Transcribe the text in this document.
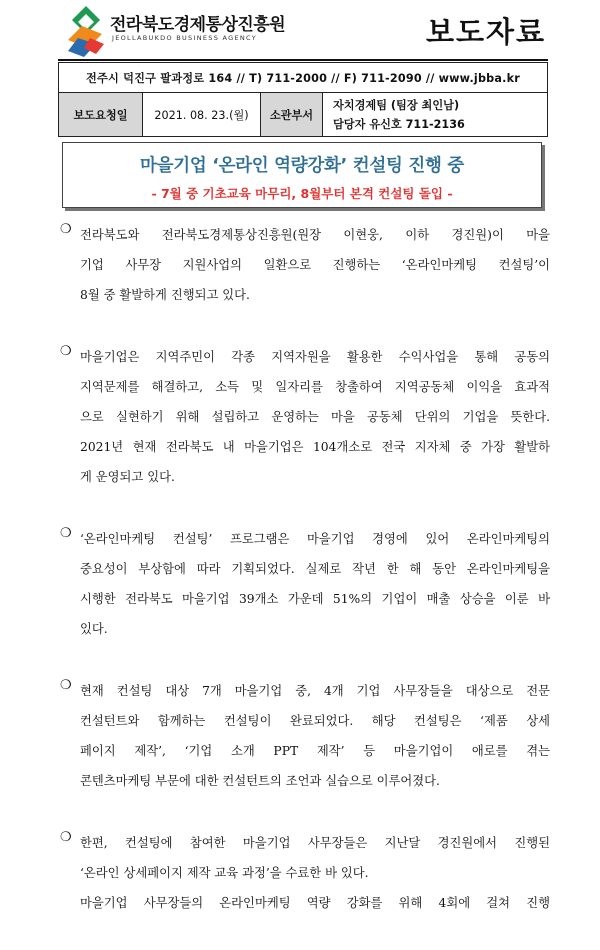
전라북도경제통상진흥원
JEOLLABUKDO BUSINESS AGENCY	보도자료
전주시 덕진구 팔과정로 164 // T) 711-2000 // F) 711-2090 // www.jbba.kr
보도요청일	2021. 08. 23.(월)	소관부서	
자치경제팀 (팀장 최인남)
담당자 유신호 711-2136
마을기업 ‘온라인 역량강화’ 컨설팅 진행 중
- 7월 중 기초교육 마무리, 8월부터 본격 컨설팅 돌입 -
❍ 전라북도와 전라북도경제통상진흥원(원장 이현웅, 이하 경진원)이 마을
기업 사무장 지원사업의 일환으로 진행하는 ‘온라인마케팅 컨설팅’이
8월 중 활발하게 진행되고 있다.
❍ 마을기업은 지역주민이 각종 지역자원을 활용한 수익사업을 통해 공동의
지역문제를 해결하고, 소득 및 일자리를 창출하여 지역공동체 이익을 효과적
으로 실현하기 위해 설립하고 운영하는 마을 공동체 단위의 기업을 뜻한다.
2021년 현재 전라북도 내 마을기업은 104개소로 전국 지자체 중 가장 활발하
게 운영되고 있다.
❍ ‘온라인마케팅 컨설팅’ 프로그램은 마을기업 경영에 있어 온라인마케팅의
중요성이 부상함에 따라 기획되었다. 실제로 작년 한 해 동안 온라인마케팅을
시행한 전라북도 마을기업 39개소 가운데 51%의 기업이 매출 상승을 이룬 바
있다.
❍ 현재 컨설팅 대상 7개 마을기업 중, 4개 기업 사무장들을 대상으로 전문
컨설턴트와 함께하는 컨설팅이 완료되었다. 해당 컨설팅은 ‘제품 상세
페이지 제작’, ‘기업 소개 PPT 제작’ 등 마을기업이 애로를 겪는
콘텐츠마케팅 부문에 대한 컨설턴트의 조언과 실습으로 이루어졌다.
❍ 한편, 컨설팅에 참여한 마을기업 사무장들은 지난달 경진원에서 진행된
‘온라인 상세페이지 제작 교육 과정’을 수료한 바 있다.
마을기업 사무장들의 온라인마케팅 역량 강화를 위해 4회에 걸쳐 진행
